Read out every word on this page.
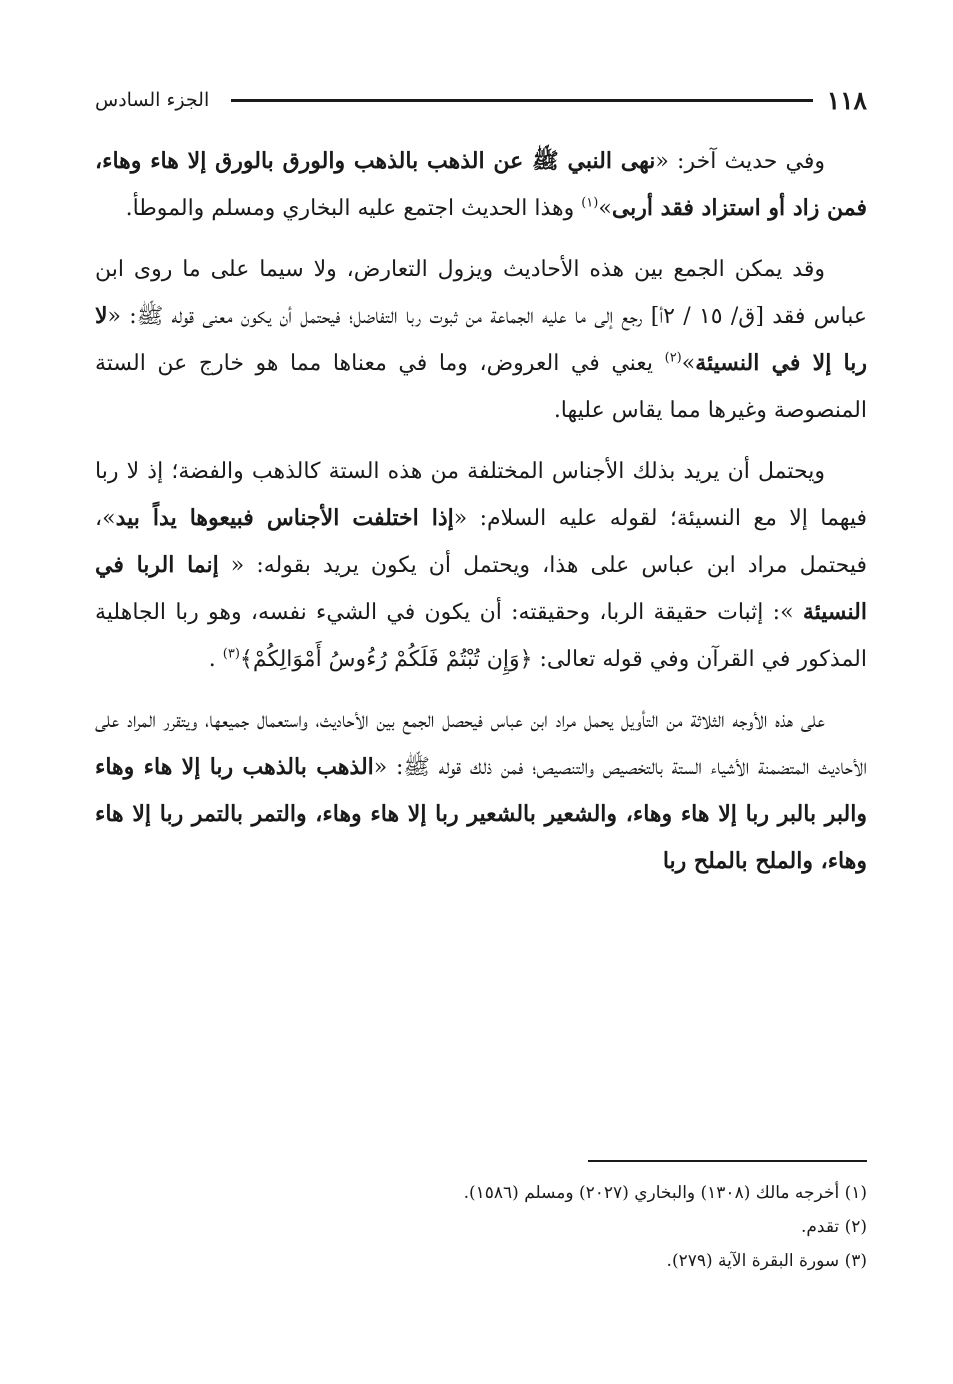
١١٨
الجزء السادس

وفي حديث آخر: «نهى النبي ﷺ عن الذهب بالذهب والورق بالورق إلا هاء وهاء، فمن زاد أو استزاد فقد أربى»$^{(١)}$ وهذا الحديث اجتمع عليه البخاري ومسلم والموطأ.

وقد يمكن الجمع بين هذه الأحاديث ويزول التعارض، ولا سيما على ما روى ابن عباس فقد [ق/ ١٥ / ٢أ] رجع إلى ما عليه الجماعة من ثبوت ربا التفاضل؛ فيحتمل أن يكون معنى قوله ﷺ: «لا ربا إلا في النسيئة»$^{(٢)}$ يعني في العروض، وما في معناها مما هو خارج عن الستة المنصوصة وغيرها مما يقاس عليها.

ويحتمل أن يريد بذلك الأجناس المختلفة من هذه الستة كالذهب والفضة؛ إذ لا ربا فيهما إلا مع النسيئة؛ لقوله عليه السلام: «إذا اختلفت الأجناس فبيعوها يداً بيد»، فيحتمل مراد ابن عباس على هذا، ويحتمل أن يكون يريد بقوله: « إنما الربا في النسيئة »: إثبات حقيقة الربا، وحقيقته: أن يكون في الشيء نفسه، وهو ربا الجاهلية المذكور في القرآن وفي قوله تعالى: ﴿وَإِن تُبْتُمْ فَلَكُمْ رُءُوسُ أَمْوَالِكُمْ﴾$^{(٣)}$ .

على هذه الأوجه الثلاثة من التأويل يحمل مراد ابن عباس فيحصل الجمع بين الأحاديث، واستعمال جميعها، ويتقرر المراد على الأحاديث المتضمنة الأشياء الستة بالتخصيص والتنصيص؛ فمن ذلك قوله ﷺ: «الذهب بالذهب ربا إلا هاء وهاء والبر بالبر ربا إلا هاء وهاء، والشعير بالشعير ربا إلا هاء وهاء، والتمر بالتمر ربا إلا هاء وهاء، والملح بالملح ربا

(١) أخرجه مالك (١٣٠٨) والبخاري (٢٠٢٧) ومسلم (١٥٨٦).
(٢) تقدم.
(٣) سورة البقرة الآية (٢٧٩).
